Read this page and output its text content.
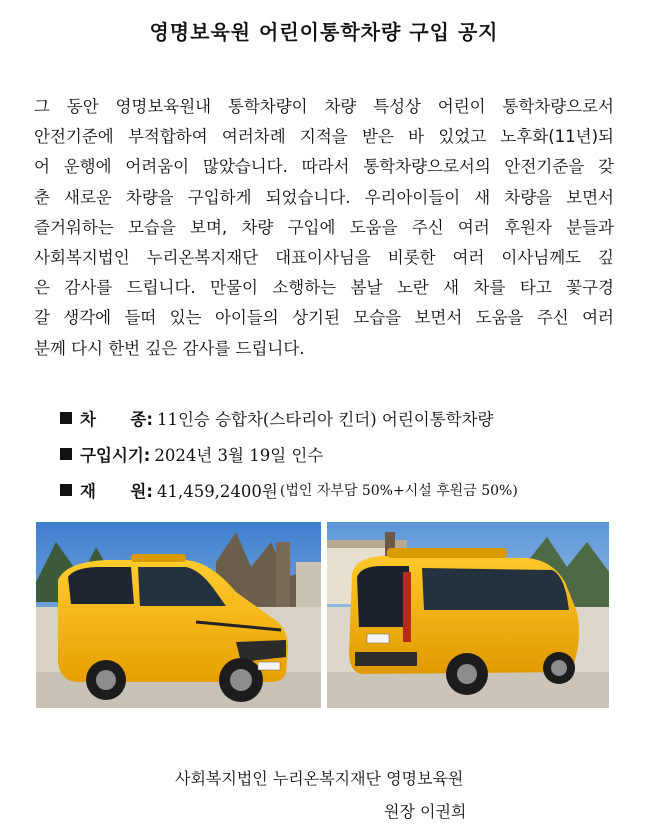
영명보육원 어린이통학차량 구입 공지
그 동안 영명보육원내 통학차량이 차량 특성상 어린이 통학차량으로서
안전기준에 부적합하여 여러차례 지적을 받은 바 있었고 노후화(11년)되
어 운행에 어려움이 많았습니다. 따라서 통학차량으로서의 안전기준을 갖
춘 새로운 차량을 구입하게 되었습니다. 우리아이들이 새 차량을 보면서
즐거워하는 모습을 보며, 차량 구입에 도움을 주신 여러 후원자 분들과
사회복지법인 누리온복지재단 대표이사님을 비롯한 여러 이사님께도 깊
은 감사를 드립니다. 만물이 소행하는 봄날 노란 새 차를 타고 꽃구경
갈 생각에 들떠 있는 아이들의 상기된 모습을 보면서 도움을 주신 여러
분께 다시 한번 깊은 감사를 드립니다.
차      종: 11인승 승합차(스타리아 킨더) 어린이통학차량
구입시기: 2024년 3월 19일 인수
재      원: 41,459,2400원 (법인 자부담 50%+시설 후원금 50%)
사회복지법인 누리온복지재단 영명보육원
원장 이권희
